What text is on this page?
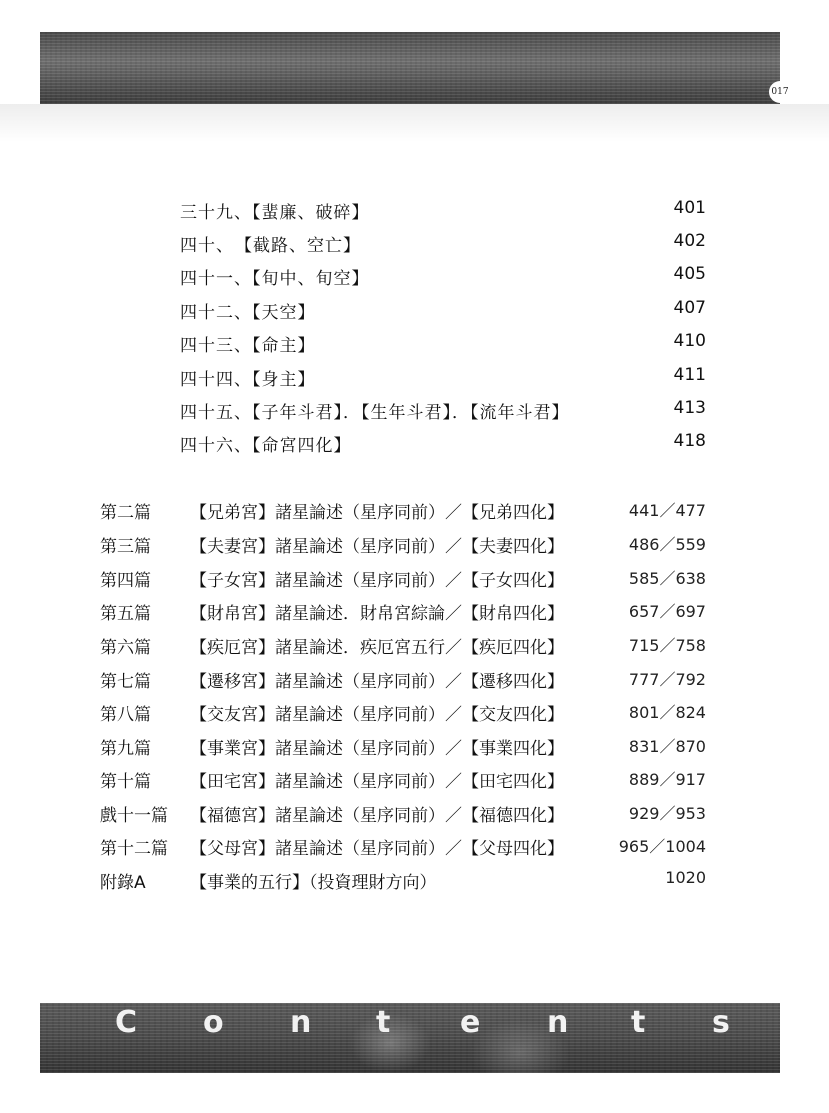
017
三十九、【蜚廉、破碎】	401
四十、　【截路、空亡】	402
四十一、【旬中、旬空】	405
四十二、【天空】	407
四十三、【命主】	410
四十四、【身主】	411
四十五、【子年斗君】．【生年斗君】．【流年斗君】	413
四十六、【命宮四化】	418
第二篇 【兄弟宮】諸星論述（星序同前）／【兄弟四化】	441／477
第三篇 【夫妻宮】諸星論述（星序同前）／【夫妻四化】	486／559
第四篇 【子女宮】諸星論述（星序同前）／【子女四化】	585／638
第五篇 【財帛宮】諸星論述．財帛宮綜論／【財帛四化】	657／697
第六篇 【疾厄宮】諸星論述．疾厄宮五行／【疾厄四化】	715／758
第七篇 【遷移宮】諸星論述（星序同前）／【遷移四化】	777／792
第八篇 【交友宮】諸星論述（星序同前）／【交友四化】	801／824
第九篇 【事業宮】諸星論述（星序同前）／【事業四化】	831／870
第十篇 【田宅宮】諸星論述（星序同前）／【田宅四化】	889／917
戲十一篇 【福德宮】諸星論述（星序同前）／【福德四化】	929／953
第十二篇 【父母宮】諸星論述（星序同前）／【父母四化】	965／1004
附錄A	【事業的五行】（投資理財方向）	1020
C o n t e n t s
